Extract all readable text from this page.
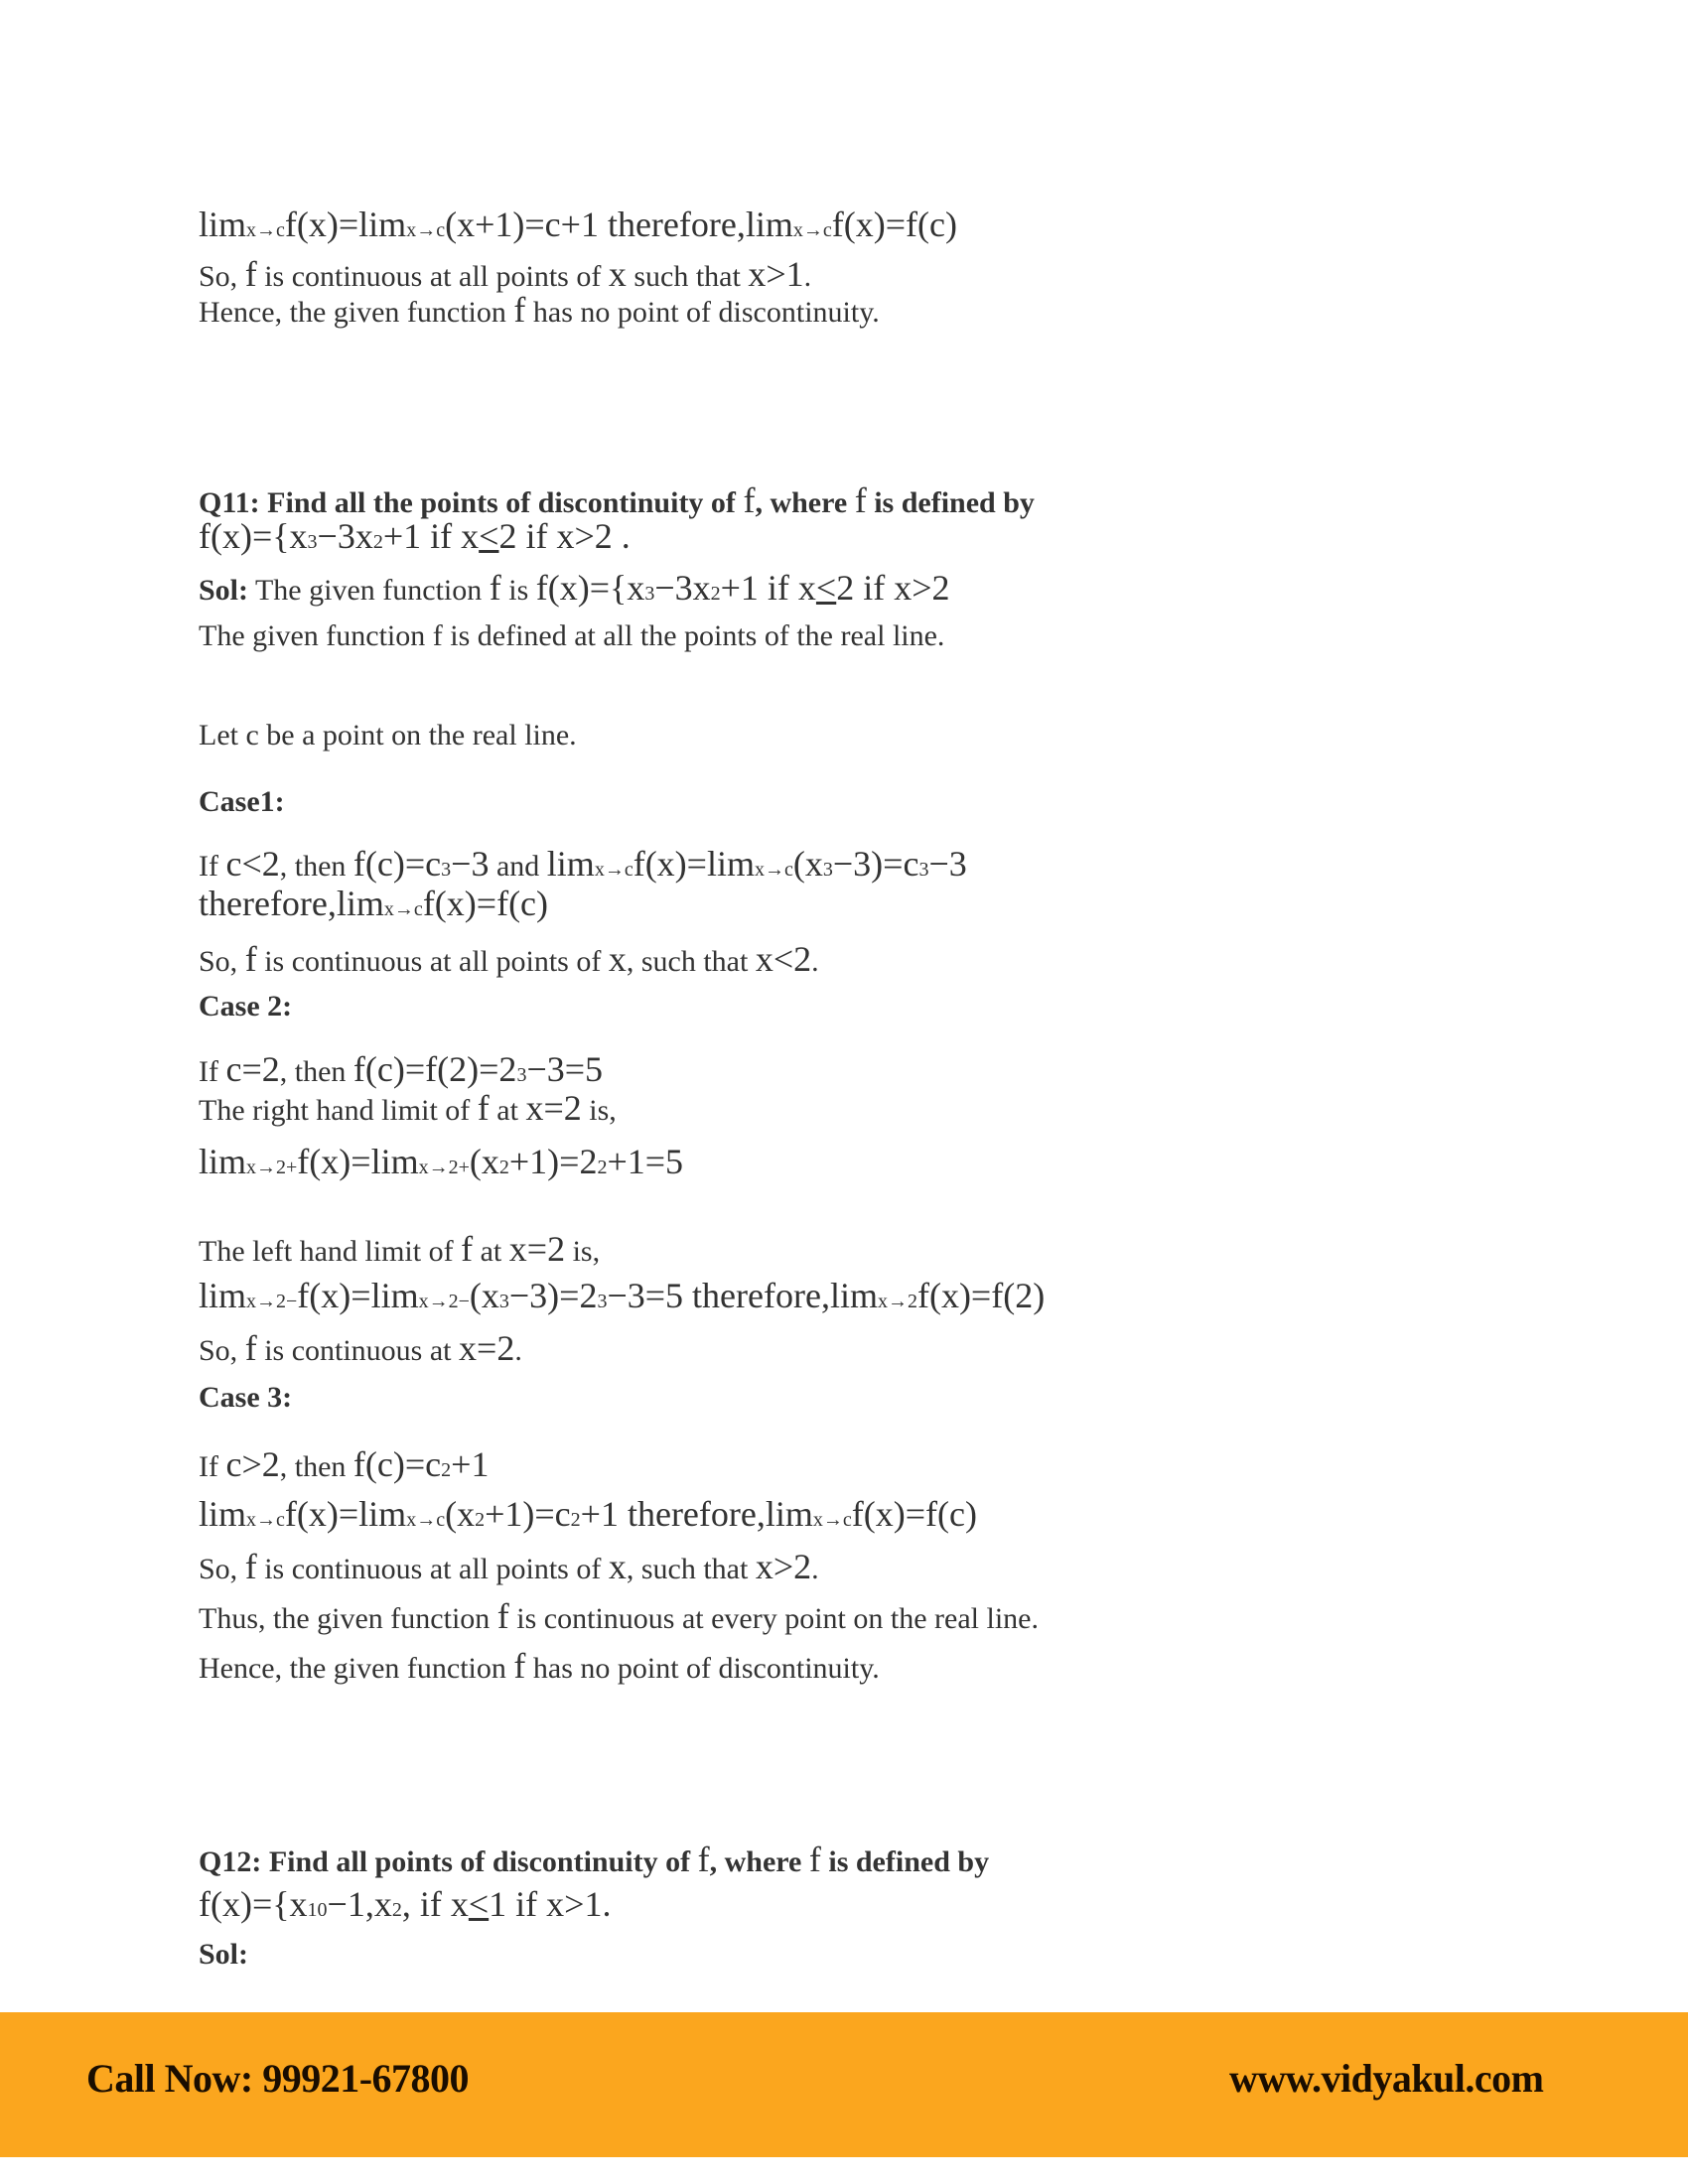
limx→cf(x)=limx→c(x+1)=c+1 therefore,limx→cf(x)=f(c)
So, f is continuous at all points of x such that x>1.
Hence, the given function f has no point of discontinuity.
Q11: Find all the points of discontinuity of f, where f is defined by
f(x)={x3−3x2+1 if x<2 if x>2 .
Sol: The given function f is f(x)={x3−3x2+1 if x<2 if x>2
The given function f is defined at all the points of the real line.
Let c be a point on the real line.
Case1:
If c<2, then f(c)=c3−3 and limx→cf(x)=limx→c(x3−3)=c3−3
therefore,limx→cf(x)=f(c)
So, f is continuous at all points of x, such that x<2.
Case 2:
If c=2, then f(c)=f(2)=23−3=5
The right hand limit of f at x=2 is,
limx→2+f(x)=limx→2+(x2+1)=22+1=5
The left hand limit of f at x=2 is,
limx→2−f(x)=limx→2−(x3−3)=23−3=5 therefore,limx→2f(x)=f(2)
So, f is continuous at x=2.
Case 3:
If c>2, then f(c)=c2+1
limx→cf(x)=limx→c(x2+1)=c2+1 therefore,limx→cf(x)=f(c)
So, f is continuous at all points of x, such that x>2.
Thus, the given function f is continuous at every point on the real line.
Hence, the given function f has no point of discontinuity.
Q12: Find all points of discontinuity of f, where f is defined by
f(x)={x10−1,x2, if x<1 if x>1.
Sol:
Call Now: 99921-67800	www.vidyakul.com
